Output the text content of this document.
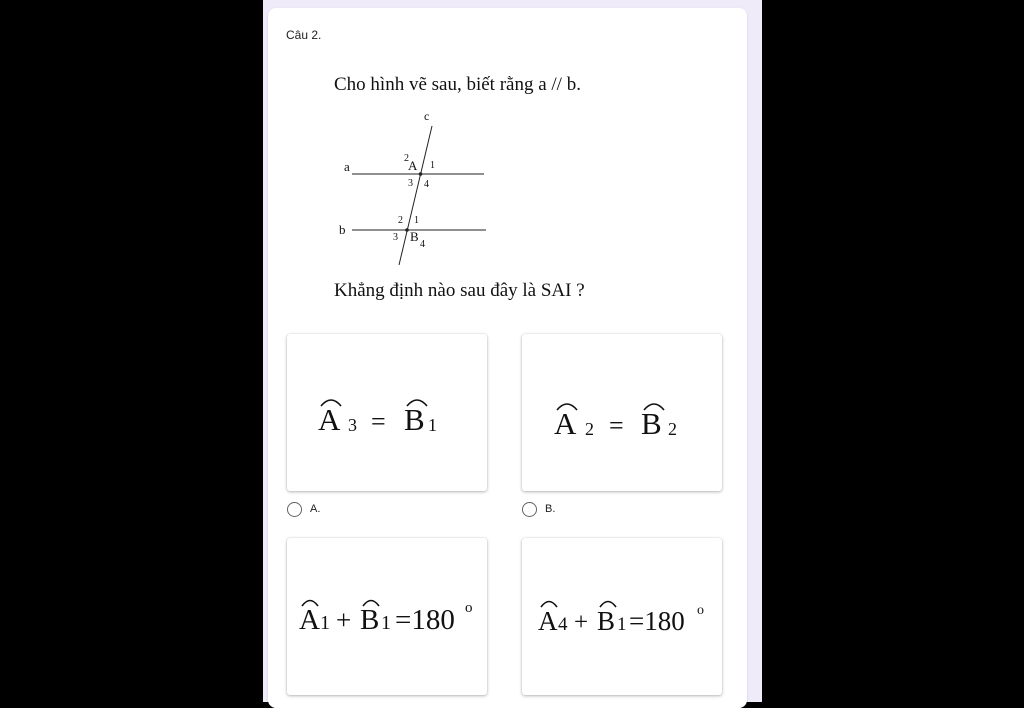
Câu 2.
Cho hình vẽ sau, biết rằng a // b.
c
a
b
A
2
1
3 4
2 1
3 B
4
Khẳng định nào sau đây là SAI ?
A 3 = B 1
A.
A 2 = B 2
B.
A 1 + B 1 =180 o A 4 + B 1 =180 o
